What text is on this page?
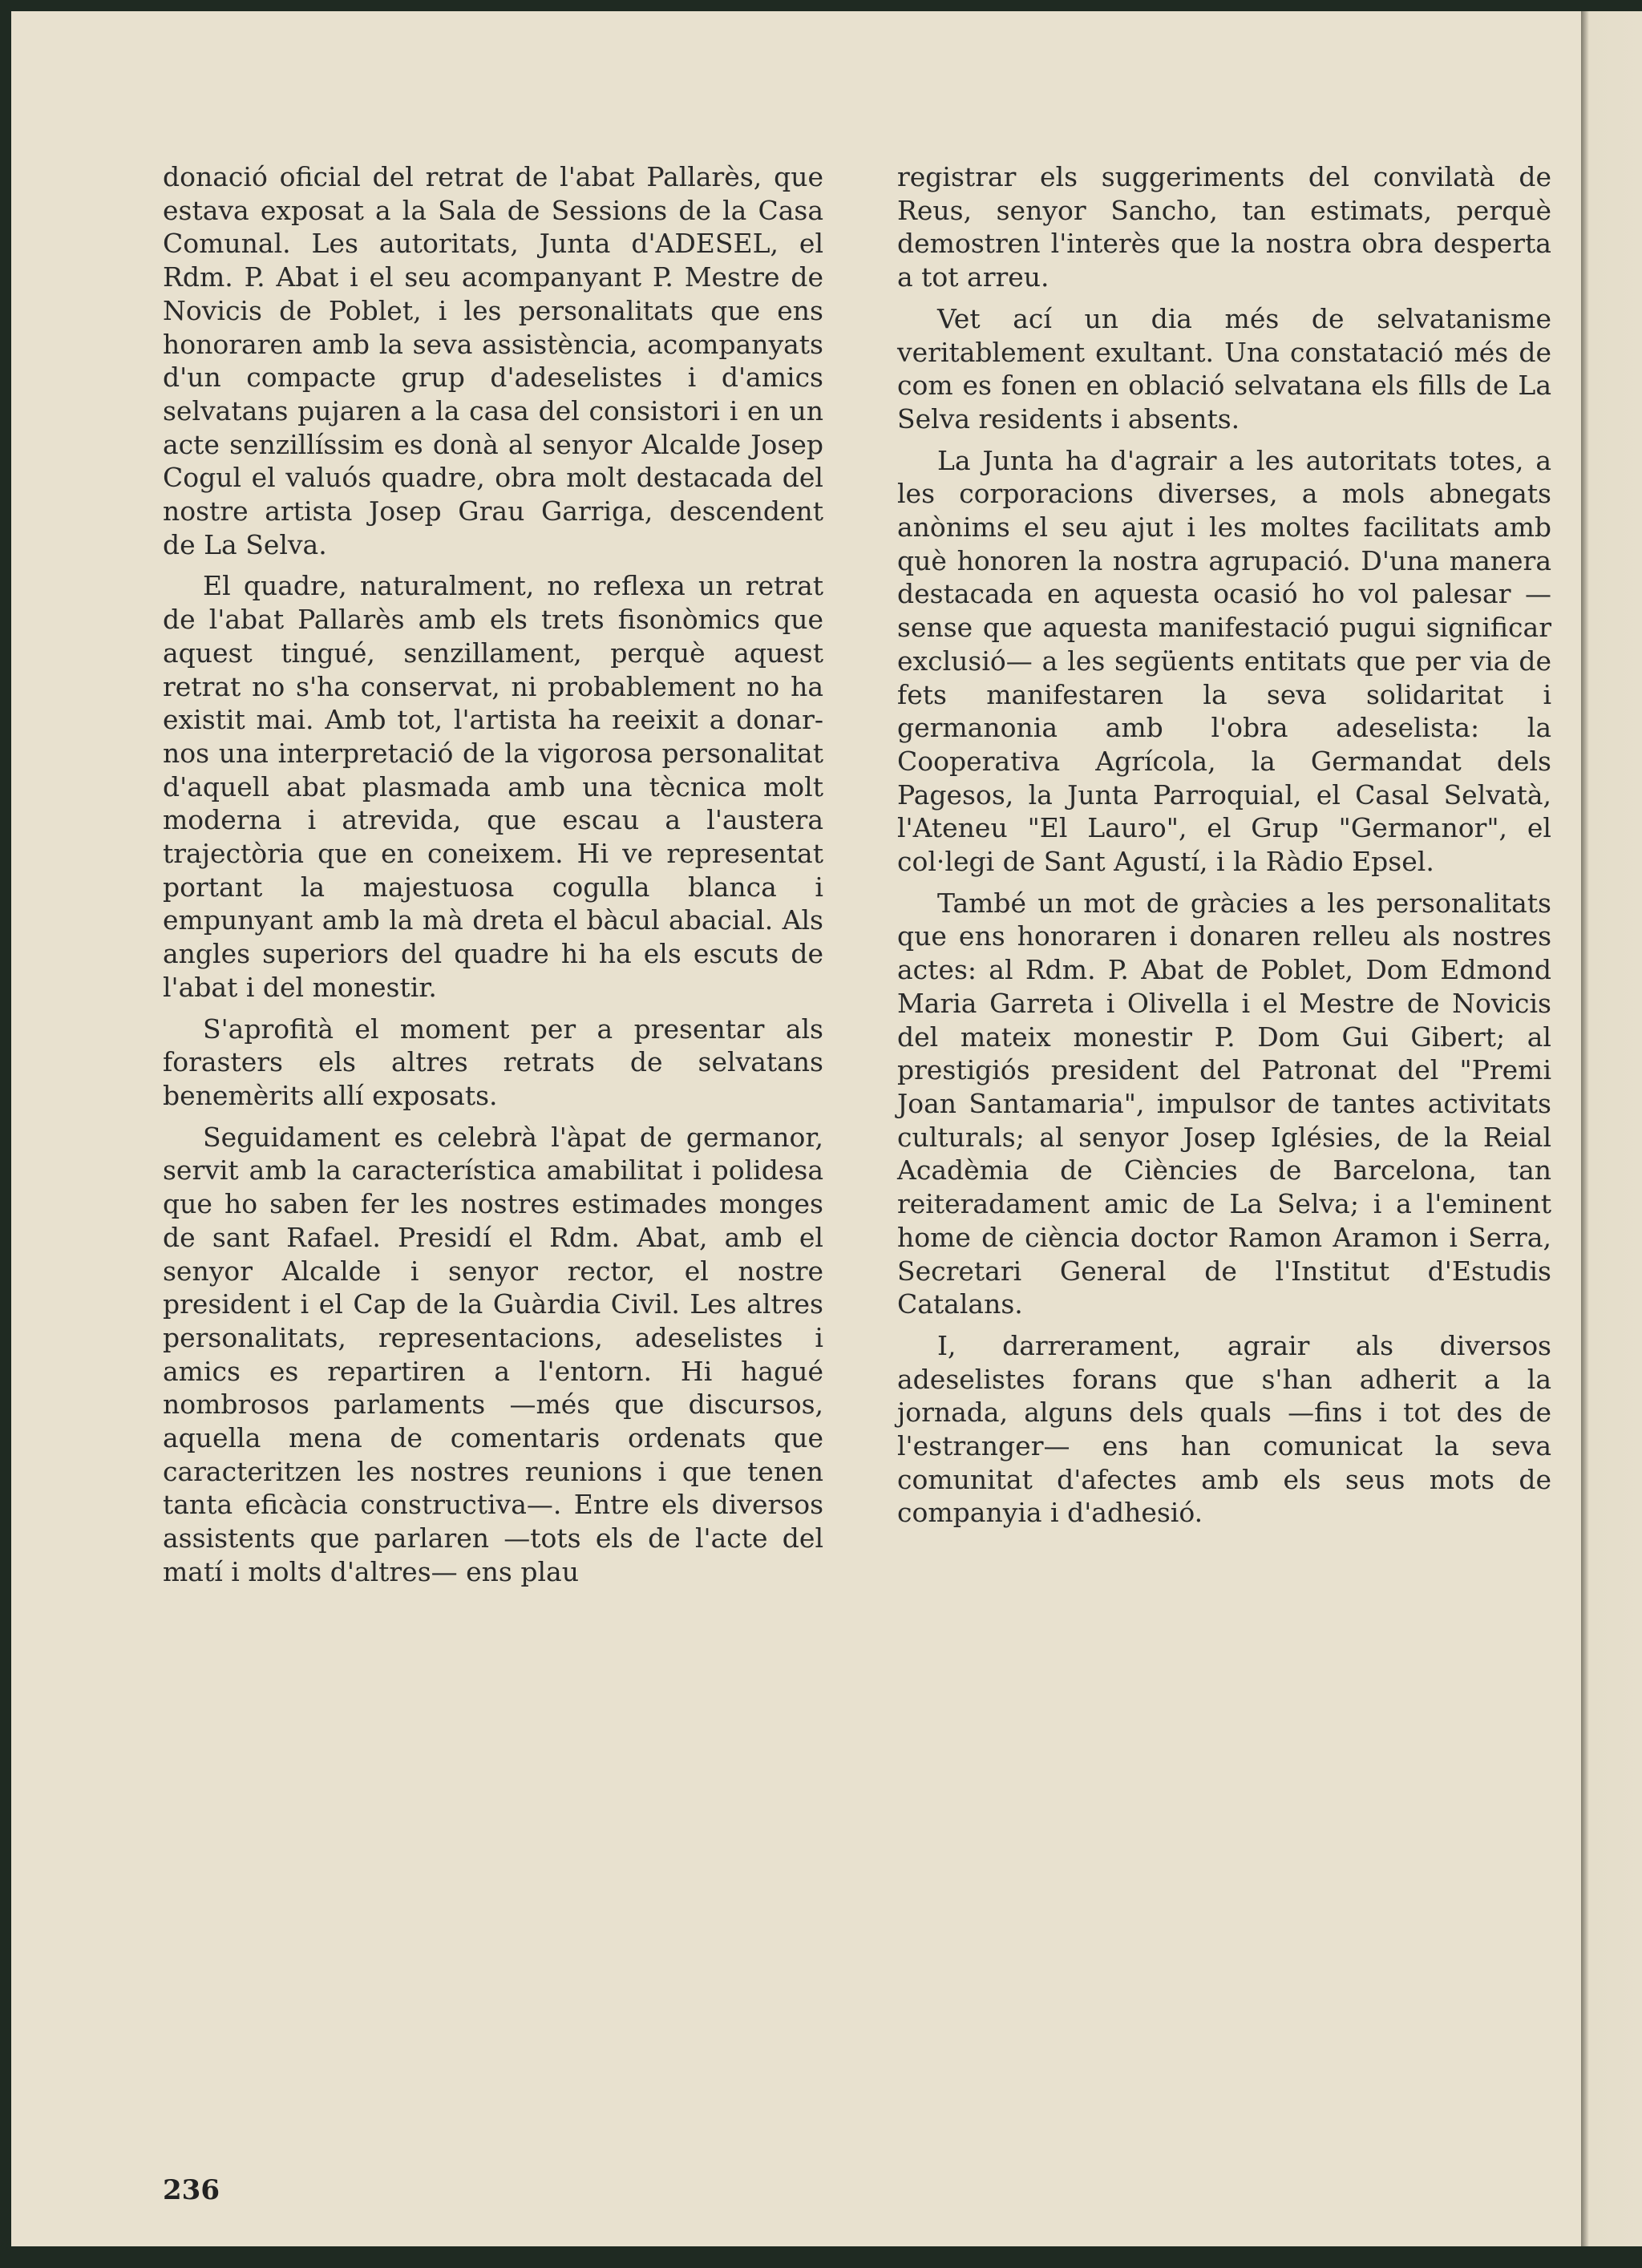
donació oficial del retrat de l'abat Pallarès, que estava exposat a la Sala de Sessions de la Casa Comunal. Les autoritats, Junta d'ADESEL, el Rdm. P. Abat i el seu acompanyant P. Mestre de Novicis de Poblet, i les personalitats que ens honoraren amb la seva assistència, acompanyats d'un compacte grup d'adeselistes i d'amics selvatans pujaren a la casa del consistori i en un acte senzillíssim es donà al senyor Alcalde Josep Cogul el valuós quadre, obra molt destacada del nostre artista Josep Grau Garriga, descendent de La Selva.

El quadre, naturalment, no reflexa un retrat de l'abat Pallarès amb els trets fisonòmics que aquest tingué, senzillament, perquè aquest retrat no s'ha conservat, ni probablement no ha existit mai. Amb tot, l'artista ha reeixit a donar-nos una interpretació de la vigorosa personalitat d'aquell abat plasmada amb una tècnica molt moderna i atrevida, que escau a l'austera trajectòria que en coneixem. Hi ve representat portant la majestuosa cogulla blanca i empunyant amb la mà dreta el bàcul abacial. Als angles superiors del quadre hi ha els escuts de l'abat i del monestir.

S'aprofità el moment per a presentar als forasters els altres retrats de selvatans benemèrits allí exposats.

Seguidament es celebrà l'àpat de germanor, servit amb la característica amabilitat i polidesa que ho saben fer les nostres estimades monges de sant Rafael. Presidí el Rdm. Abat, amb el senyor Alcalde i senyor rector, el nostre president i el Cap de la Guàrdia Civil. Les altres personalitats, representacions, adeselistes i amics es repartiren a l'entorn. Hi hagué nombrosos parlaments —més que discursos, aquella mena de comentaris ordenats que caracteritzen les nostres reunions i que tenen tanta eficàcia constructiva—. Entre els diversos assistents que parlaren —tots els de l'acte del matí i molts d'altres— ens plau

registrar els suggeriments del convilatà de Reus, senyor Sancho, tan estimats, perquè demostren l'interès que la nostra obra desperta a tot arreu.

Vet ací un dia més de selvatanisme veritablement exultant. Una constatació més de com es fonen en oblació selvatana els fills de La Selva residents i absents.

La Junta ha d'agrair a les autoritats totes, a les corporacions diverses, a mols abnegats anònims el seu ajut i les moltes facilitats amb què honoren la nostra agrupació. D'una manera destacada en aquesta ocasió ho vol palesar —sense que aquesta manifestació pugui significar exclusió— a les següents entitats que per via de fets manifestaren la seva solidaritat i germanonia amb l'obra adeselista: la Cooperativa Agrícola, la Germandat dels Pagesos, la Junta Parroquial, el Casal Selvatà, l'Ateneu "El Lauro", el Grup "Germanor", el col·legi de Sant Agustí, i la Ràdio Epsel.

També un mot de gràcies a les personalitats que ens honoraren i donaren relleu als nostres actes: al Rdm. P. Abat de Poblet, Dom Edmond Maria Garreta i Olivella i el Mestre de Novicis del mateix monestir P. Dom Gui Gibert; al prestigiós president del Patronat del "Premi Joan Santamaria", impulsor de tantes activitats culturals; al senyor Josep Iglésies, de la Reial Acadèmia de Ciències de Barcelona, tan reiteradament amic de La Selva; i a l'eminent home de ciència doctor Ramon Aramon i Serra, Secretari General de l'Institut d'Estudis Catalans.

I, darrerament, agrair als diversos adeselistes forans que s'han adherit a la jornada, alguns dels quals —fins i tot des de l'estranger— ens han comunicat la seva comunitat d'afectes amb els seus mots de companyia i d'adhesió.

236
